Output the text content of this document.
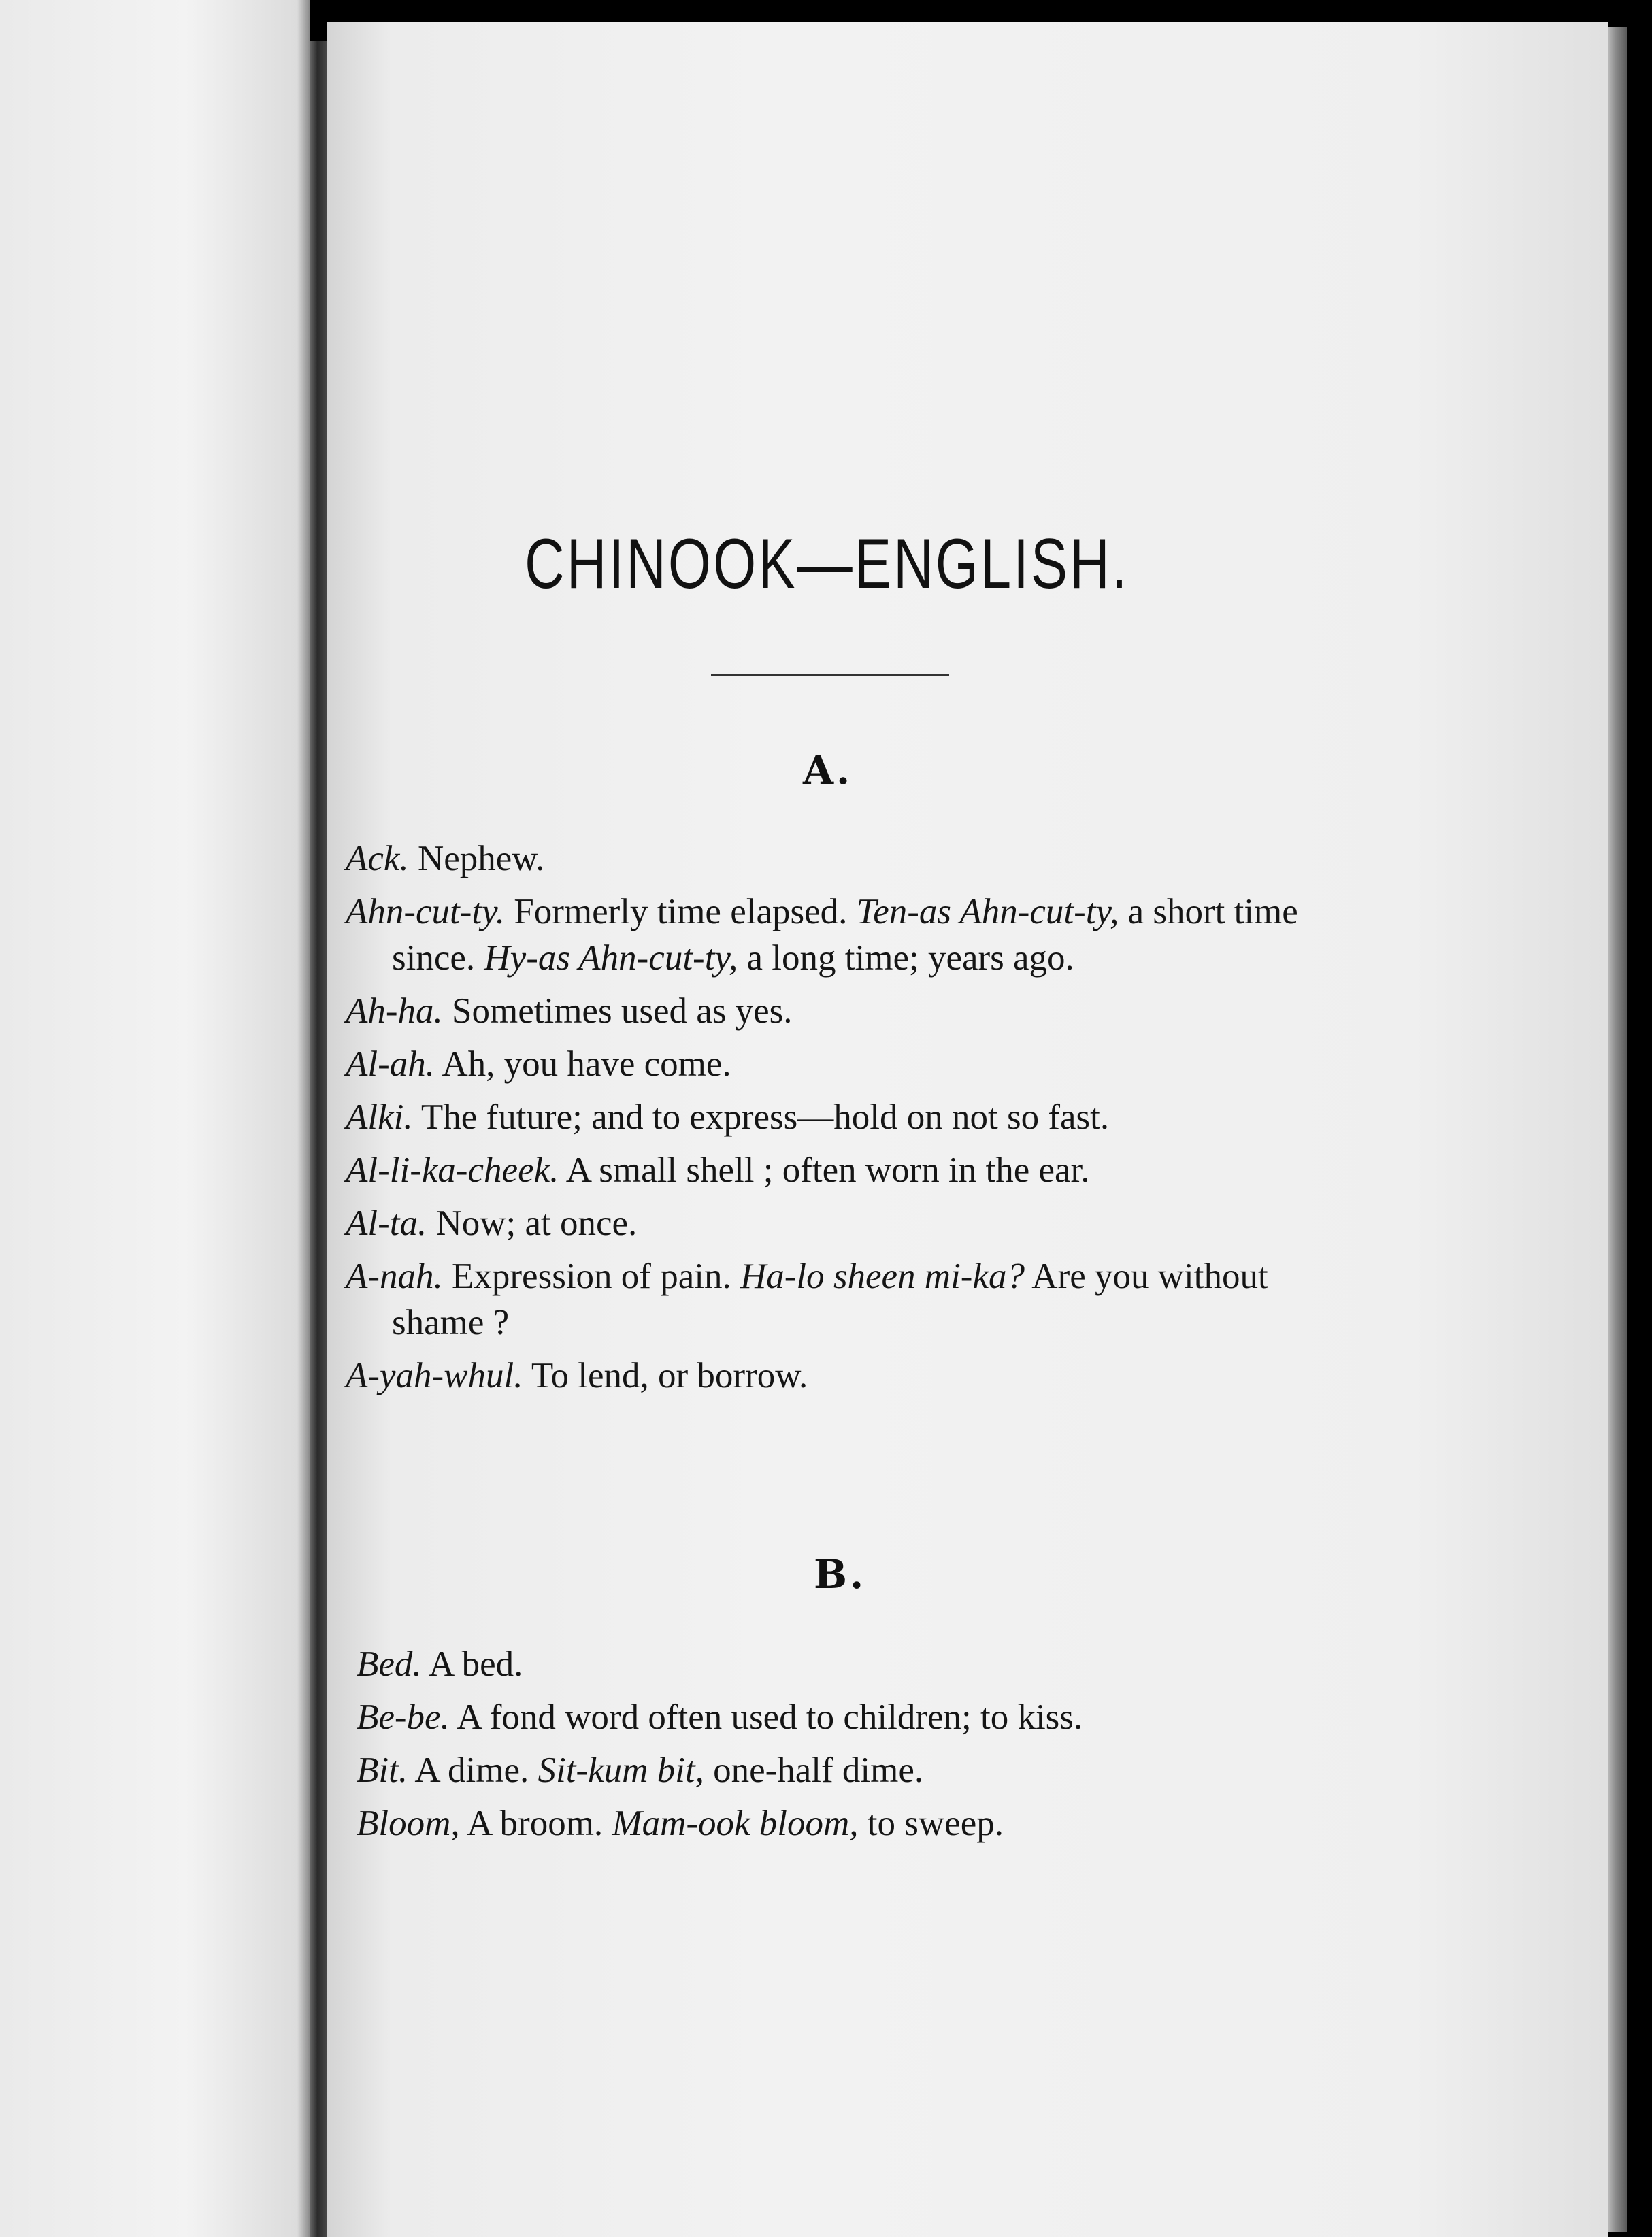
CHINOOK—ENGLISH.
A.
Ack. Nephew.
Ahn-cut-ty. Formerly time elapsed. Ten-as Ahn-cut-ty, a short time since. Hy-as Ahn-cut-ty, a long time; years ago.
Ah-ha. Sometimes used as yes.
Al-ah. Ah, you have come.
Alki. The future; and to express—hold on not so fast.
Al-li-ka-cheek. A small shell ; often worn in the ear.
Al-ta. Now; at once.
A-nah. Expression of pain. Ha-lo sheen mi-ka? Are you without shame ?
A-yah-whul. To lend, or borrow.
B.
Bed. A bed.
Be-be. A fond word often used to children; to kiss.
Bit. A dime. Sit-kum bit, one-half dime.
Bloom, A broom. Mam-ook bloom, to sweep.
